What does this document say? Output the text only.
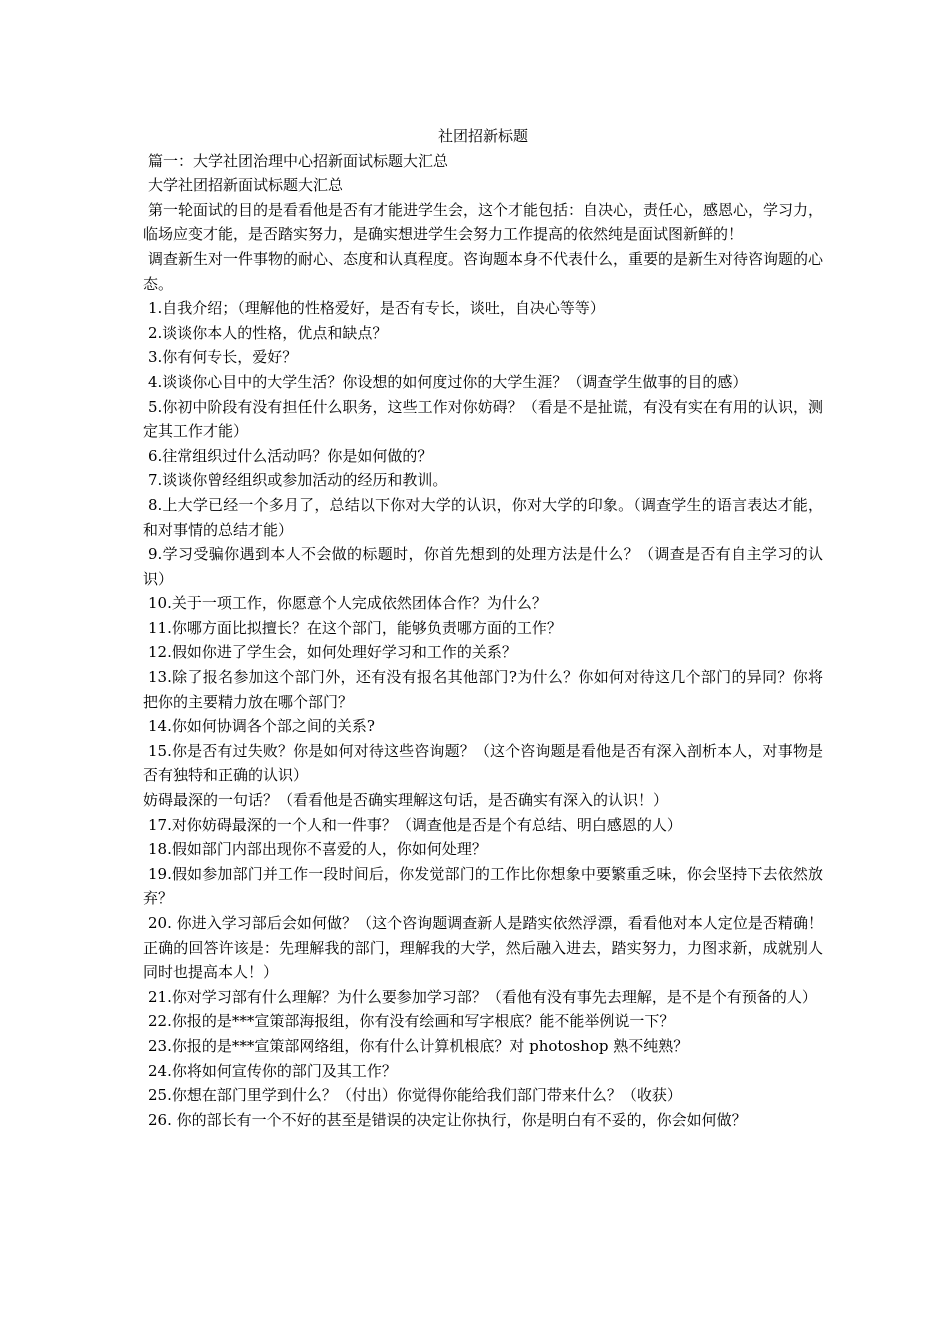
社团招新标题

篇一：大学社团治理中心招新面试标题大汇总

大学社团招新面试标题大汇总

第一轮面试的目的是看看他是否有才能进学生会，这个才能包括：自决心，责任心，感恩心，学习力，临场应变才能，是否踏实努力，是确实想进学生会努力工作提高的依然纯是面试图新鲜的！

调查新生对一件事物的耐心、态度和认真程度。咨询题本身不代表什么，重要的是新生对待咨询题的心态。

1.自我介绍；（理解他的性格爱好，是否有专长，谈吐，自决心等等）

2.谈谈你本人的性格，优点和缺点？

3.你有何专长，爱好？

4.谈谈你心目中的大学生活？你设想的如何度过你的大学生涯？（调查学生做事的目的感）

5.你初中阶段有没有担任什么职务，这些工作对你妨碍？（看是不是扯谎，有没有实在有用的认识，测定其工作才能）

6.往常组织过什么活动吗？你是如何做的？

7.谈谈你曾经组织或参加活动的经历和教训。

8.上大学已经一个多月了，总结以下你对大学的认识，你对大学的印象。（调查学生的语言表达才能，和对事情的总结才能）

9.学习受骗你遇到本人不会做的标题时，你首先想到的处理方法是什么？（调查是否有自主学习的认识）

10.关于一项工作，你愿意个人完成依然团体合作？为什么？

11.你哪方面比拟擅长？在这个部门，能够负责哪方面的工作？

12.假如你进了学生会，如何处理好学习和工作的关系？

13.除了报名参加这个部门外，还有没有报名其他部门?为什么？你如何对待这几个部门的异同？你将把你的主要精力放在哪个部门？

14.你如何协调各个部之间的关系?

15.你是否有过失败？你是如何对待这些咨询题？（这个咨询题是看他是否有深入剖析本人，对事物是否有独特和正确的认识）

妨碍最深的一句话？（看看他是否确实理解这句话，是否确实有深入的认识！）

17.对你妨碍最深的一个人和一件事？（调查他是否是个有总结、明白感恩的人）

18.假如部门内部出现你不喜爱的人，你如何处理？

19.假如参加部门并工作一段时间后，你发觉部门的工作比你想象中要繁重乏味，你会坚持下去依然放弃？

20. 你进入学习部后会如何做？（这个咨询题调查新人是踏实依然浮漂，看看他对本人定位是否精确！正确的回答许该是：先理解我的部门，理解我的大学，然后融入进去，踏实努力，力图求新，成就别人同时也提高本人！）

21.你对学习部有什么理解？为什么要参加学习部？（看他有没有事先去理解，是不是个有预备的人）

22.你报的是***宣策部海报组，你有没有绘画和写字根底？能不能举例说一下？

23.你报的是***宣策部网络组，你有什么计算机根底？对 photoshop 熟不纯熟？

24.你将如何宣传你的部门及其工作？

25.你想在部门里学到什么？（付出）你觉得你能给我们部门带来什么？（收获）

26. 你的部长有一个不好的甚至是错误的决定让你执行，你是明白有不妥的，你会如何做？
